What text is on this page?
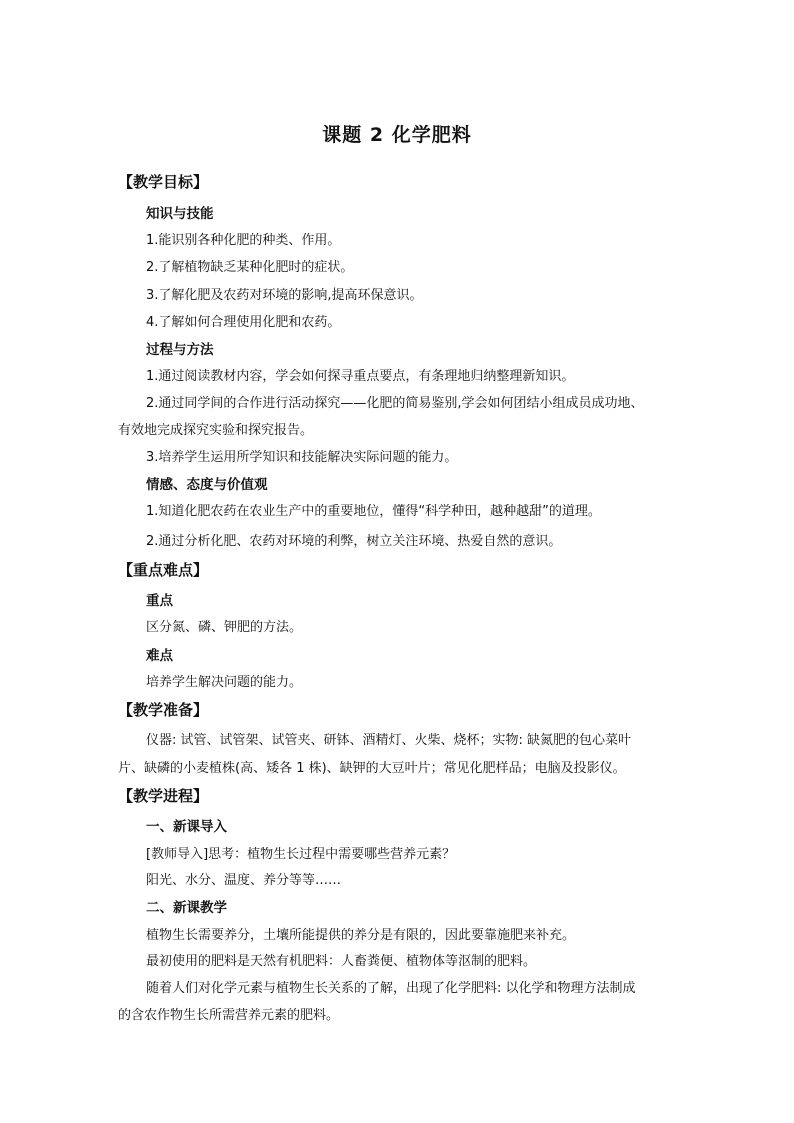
课题 2 化学肥料
【教学目标】
知识与技能
1.能识别各种化肥的种类、作用。
2.了解植物缺乏某种化肥时的症状。
3.了解化肥及农药对环境的影响,提高环保意识。
4.了解如何合理使用化肥和农药。
过程与方法
1.通过阅读教材内容，学会如何探寻重点要点，有条理地归纳整理新知识。
2.通过同学间的合作进行活动探究——化肥的简易鉴别,学会如何团结小组成员成功地、
有效地完成探究实验和探究报告。
3.培养学生运用所学知识和技能解决实际问题的能力。
情感、态度与价值观
1.知道化肥农药在农业生产中的重要地位，懂得“科学种田，越种越甜”的道理。
2.通过分析化肥、农药对环境的利弊，树立关注环境、热爱自然的意识。
【重点难点】
重点
区分氮、磷、钾肥的方法。
难点
培养学生解决问题的能力。
【教学准备】
仪器: 试管、试管架、试管夹、研钵、酒精灯、火柴、烧杯；实物: 缺氮肥的包心菜叶
片、缺磷的小麦植株(高、矮各 1 株)、缺钾的大豆叶片；常见化肥样品；电脑及投影仪。
【教学进程】
一、新课导入
[教师导入]思考：植物生长过程中需要哪些营养元素？
阳光、水分、温度、养分等等……
二、新课教学
植物生长需要养分，土壤所能提供的养分是有限的，因此要靠施肥来补充。
最初使用的肥料是天然有机肥料：人畜粪便、植物体等沤制的肥料。
随着人们对化学元素与植物生长关系的了解，出现了化学肥料: 以化学和物理方法制成
的含农作物生长所需营养元素的肥料。
